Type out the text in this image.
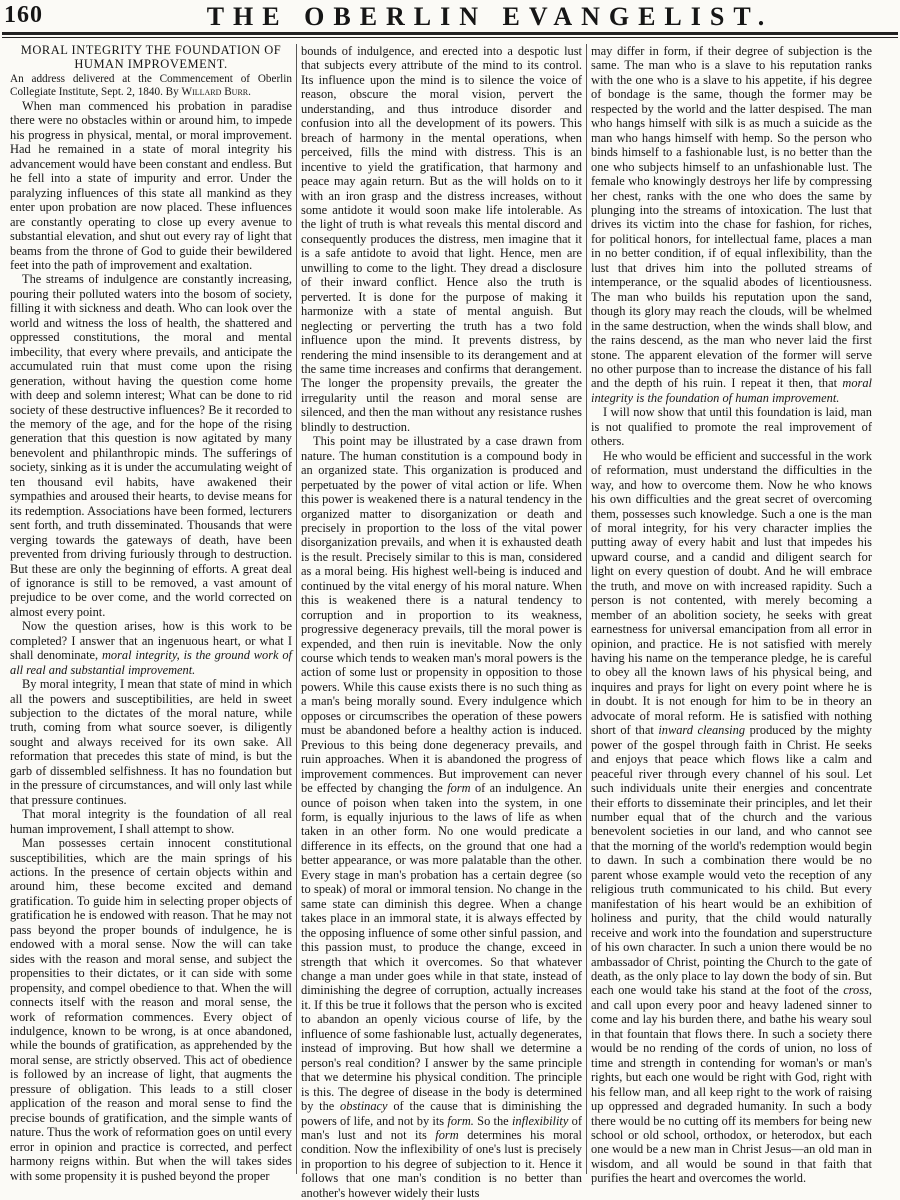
160	THE OBERLIN EVANGELIST.
MORAL INTEGRITY THE FOUNDATION OF HUMAN IMPROVEMENT.

An address delivered at the Commencement of Oberlin Collegiate Institute, Sept. 2, 1840. By Willard Burr.

When man commenced his probation in paradise there were no obstacles within or around him, to impede his progress in physical, mental, or moral improvement. Had he remained in a state of moral integrity his advancement would have been constant and endless. But he fell into a state of impurity and error. Under the paralyzing influences of this state all mankind as they enter upon probation are now placed. These influences are constantly operating to close up every avenue to substantial elevation, and shut out every ray of light that beams from the throne of God to guide their bewildered feet into the path of improvement and exaltation.

The streams of indulgence are constantly increasing, pouring their polluted waters into the bosom of society, filling it with sickness and death. Who can look over the world and witness the loss of health, the shattered and oppressed constitutions, the moral and mental imbecility, that every where prevails, and anticipate the accumulated ruin that must come upon the rising generation, without having the question come home with deep and solemn interest; What can be done to rid society of these destructive influences? Be it recorded to the memory of the age, and for the hope of the rising generation that this question is now agitated by many benevolent and philanthropic minds. The sufferings of society, sinking as it is under the accumulating weight of ten thousand evil habits, have awakened their sympathies and aroused their hearts, to devise means for its redemption. Associations have been formed, lecturers sent forth, and truth disseminated. Thousands that were verging towards the gateways of death, have been prevented from driving furiously through to destruction. But these are only the beginning of efforts. A great deal of ignorance is still to be removed, a vast amount of prejudice to be over come, and the world corrected on almost every point.

Now the question arises, how is this work to be completed? I answer that an ingenuous heart, or what I shall denominate, moral integrity, is the ground work of all real and substantial improvement.

By moral integrity, I mean that state of mind in which all the powers and susceptibilities, are held in sweet subjection to the dictates of the moral nature, while truth, coming from what source soever, is diligently sought and always received for its own sake. All reformation that precedes this state of mind, is but the garb of dissembled selfishness. It has no foundation but in the pressure of circumstances, and will only last while that pressure continues.

That moral integrity is the foundation of all real human improvement, I shall attempt to show.

Man possesses certain innocent constitutional susceptibilities, which are the main springs of his actions. In the presence of certain objects within and around him, these become excited and demand gratification. To guide him in selecting proper objects of gratification he is endowed with reason. That he may not pass beyond the proper bounds of indulgence, he is endowed with a moral sense. Now the will can take sides with the reason and moral sense, and subject the propensities to their dictates, or it can side with some propensity, and compel obedience to that. When the will connects itself with the reason and moral sense, the work of reformation commences. Every object of indulgence, known to be wrong, is at once abandoned, while the bounds of gratification, as apprehended by the moral sense, are strictly observed. This act of obedience is followed by an increase of light, that augments the pressure of obligation. This leads to a still closer application of the reason and moral sense to find the precise bounds of gratification, and the simple wants of nature. Thus the work of reformation goes on until every error in opinion and practice is corrected, and perfect harmony reigns within. But when the will takes sides with some propensity it is pushed beyond the proper

bounds of indulgence, and erected into a despotic lust that subjects every attribute of the mind to its control. Its influence upon the mind is to silence the voice of reason, obscure the moral vision, pervert the understanding, and thus introduce disorder and confusion into all the development of its powers. This breach of harmony in the mental operations, when perceived, fills the mind with distress. This is an incentive to yield the gratification, that harmony and peace may again return. But as the will holds on to it with an iron grasp and the distress increases, without some antidote it would soon make life intolerable. As the light of truth is what reveals this mental discord and consequently produces the distress, men imagine that it is a safe antidote to avoid that light. Hence, men are unwilling to come to the light. They dread a disclosure of their inward conflict. Hence also the truth is perverted. It is done for the purpose of making it harmonize with a state of mental anguish. But neglecting or perverting the truth has a two fold influence upon the mind. It prevents distress, by rendering the mind insensible to its derangement and at the same time increases and confirms that derangement. The longer the propensity prevails, the greater the irregularity until the reason and moral sense are silenced, and then the man without any resistance rushes blindly to destruction.

This point may be illustrated by a case drawn from nature. The human constitution is a compound body in an organized state. This organization is produced and perpetuated by the power of vital action or life. When this power is weakened there is a natural tendency in the organized matter to disorganization or death and precisely in proportion to the loss of the vital power disorganization prevails, and when it is exhausted death is the result. Precisely similar to this is man, considered as a moral being. His highest well-being is induced and continued by the vital energy of his moral nature. When this is weakened there is a natural tendency to corruption and in proportion to its weakness, progressive degeneracy prevails, till the moral power is expended, and then ruin is inevitable. Now the only course which tends to weaken man's moral powers is the action of some lust or propensity in opposition to those powers. While this cause exists there is no such thing as a man's being morally sound. Every indulgence which opposes or circumscribes the operation of these powers must be abandoned before a healthy action is induced. Previous to this being done degeneracy prevails, and ruin approaches. When it is abandoned the progress of improvement commences. But improvement can never be effected by changing the form of an indulgence. An ounce of poison when taken into the system, in one form, is equally injurious to the laws of life as when taken in an other form. No one would predicate a difference in its effects, on the ground that one had a better appearance, or was more palatable than the other. Every stage in man's probation has a certain degree (so to speak) of moral or immoral tension. No change in the same state can diminish this degree. When a change takes place in an immoral state, it is always effected by the opposing influence of some other sinful passion, and this passion must, to produce the change, exceed in strength that which it overcomes. So that whatever change a man under goes while in that state, instead of diminishing the degree of corruption, actually increases it. If this be true it follows that the person who is excited to abandon an openly vicious course of life, by the influence of some fashionable lust, actually degenerates, instead of improving. But how shall we determine a person's real condition? I answer by the same principle that we determine his physical condition. The principle is this. The degree of disease in the body is determined by the obstinacy of the cause that is diminishing the powers of life, and not by its form. So the inflexibility of man's lust and not its form determines his moral condition. Now the inflexibility of one's lust is precisely in proportion to his degree of subjection to it. Hence it follows that one man's condition is no better than another's however widely their lusts

may differ in form, if their degree of subjection is the same. The man who is a slave to his reputation ranks with the one who is a slave to his appetite, if his degree of bondage is the same, though the former may be respected by the world and the latter despised. The man who hangs himself with silk is as much a suicide as the man who hangs himself with hemp. So the person who binds himself to a fashionable lust, is no better than the one who subjects himself to an unfashionable lust. The female who knowingly destroys her life by compressing her chest, ranks with the one who does the same by plunging into the streams of intoxication. The lust that drives its victim into the chase for fashion, for riches, for political honors, for intellectual fame, places a man in no better condition, if of equal inflexibility, than the lust that drives him into the polluted streams of intemperance, or the squalid abodes of licentiousness. The man who builds his reputation upon the sand, though its glory may reach the clouds, will be whelmed in the same destruction, when the winds shall blow, and the rains descend, as the man who never laid the first stone. The apparent elevation of the former will serve no other purpose than to increase the distance of his fall and the depth of his ruin. I repeat it then, that moral integrity is the foundation of human improvement.

I will now show that until this foundation is laid, man is not qualified to promote the real improvement of others.

He who would be efficient and successful in the work of reformation, must understand the difficulties in the way, and how to overcome them. Now he who knows his own difficulties and the great secret of overcoming them, possesses such knowledge. Such a one is the man of moral integrity, for his very character implies the putting away of every habit and lust that impedes his upward course, and a candid and diligent search for light on every question of doubt. And he will embrace the truth, and move on with increased rapidity. Such a person is not contented, with merely becoming a member of an abolition society, he seeks with great earnestness for universal emancipation from all error in opinion, and practice. He is not satisfied with merely having his name on the temperance pledge, he is careful to obey all the known laws of his physical being, and inquires and prays for light on every point where he is in doubt. It is not enough for him to be in theory an advocate of moral reform. He is satisfied with nothing short of that inward cleansing produced by the mighty power of the gospel through faith in Christ. He seeks and enjoys that peace which flows like a calm and peaceful river through every channel of his soul. Let such individuals unite their energies and concentrate their efforts to disseminate their principles, and let their number equal that of the church and the various benevolent societies in our land, and who cannot see that the morning of the world's redemption would begin to dawn. In such a combination there would be no parent whose example would veto the reception of any religious truth communicated to his child. But every manifestation of his heart would be an exhibition of holiness and purity, that the child would naturally receive and work into the foundation and superstructure of his own character. In such a union there would be no ambassador of Christ, pointing the Church to the gate of death, as the only place to lay down the body of sin. But each one would take his stand at the foot of the cross, and call upon every poor and heavy ladened sinner to come and lay his burden there, and bathe his weary soul in that fountain that flows there. In such a society there would be no rending of the cords of union, no loss of time and strength in contending for woman's or man's rights, but each one would be right with God, right with his fellow man, and all keep right to the work of raising up oppressed and degraded humanity. In such a body there would be no cutting off its members for being new school or old school, orthodox, or heterodox, but each one would be a new man in Christ Jesus—an old man in wisdom, and all would be sound in that faith that purifies the heart and overcomes the world.
